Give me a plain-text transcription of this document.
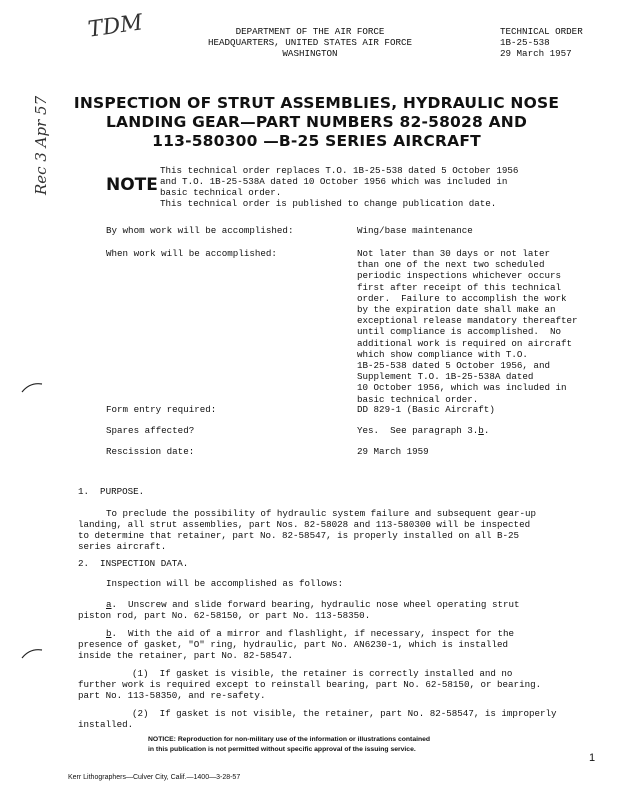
TDM
Rec 3 Apr 57
DEPARTMENT OF THE AIR FORCE
HEADQUARTERS, UNITED STATES AIR FORCE
WASHINGTON
TECHNICAL ORDER
1B-25-538
29 March 1957
INSPECTION OF STRUT ASSEMBLIES, HYDRAULIC NOSE
LANDING GEAR—PART NUMBERS 82-58028 AND
113-580300 —B-25 SERIES AIRCRAFT
NOTE
This technical order replaces T.O. 1B-25-538 dated 5 October 1956
and T.O. 1B-25-538A dated 10 October 1956 which was included in
basic technical order.
This technical order is published to change publication date.
By whom work will be accomplished:	Wing/base maintenance
When work will be accomplished:	Not later than 30 days or not later
than one of the next two scheduled
periodic inspections whichever occurs
first after receipt of this technical
order.  Failure to accomplish the work
by the expiration date shall make an
exceptional release mandatory thereafter
until compliance is accomplished.  No
additional work is required on aircraft
which show compliance with T.O.
1B-25-538 dated 5 October 1956, and
Supplement T.O. 1B-25-538A dated
10 October 1956, which was included in
basic technical order.
Form entry required:	DD 829-1 (Basic Aircraft)
Spares affected?	Yes.  See paragraph 3.b.
Rescission date:	29 March 1959
1.  PURPOSE.
To preclude the possibility of hydraulic system failure and subsequent gear-up
landing, all strut assemblies, part Nos. 82-58028 and 113-580300 will be inspected
to determine that retainer, part No. 82-58547, is properly installed on all B-25
series aircraft.
2.  INSPECTION DATA.
Inspection will be accomplished as follows:
a.  Unscrew and slide forward bearing, hydraulic nose wheel operating strut
piston rod, part No. 62-58150, or part No. 113-58350.
b.  With the aid of a mirror and flashlight, if necessary, inspect for the
presence of gasket, "O" ring, hydraulic, part No. AN6230-1, which is installed
inside the retainer, part No. 82-58547.
(1)  If gasket is visible, the retainer is correctly installed and no
further work is required except to reinstall bearing, part No. 62-58150, or bearing.
part No. 113-58350, and re-safety.
(2)  If gasket is not visible, the retainer, part No. 82-58547, is improperly
installed.
NOTICE: Reproduction for non-military use of the information or illustrations contained
in this publication is not permitted without specific approval of the issuing service.
1
Kerr Lithographers—Culver City, Calif.—1400—3-28-57
